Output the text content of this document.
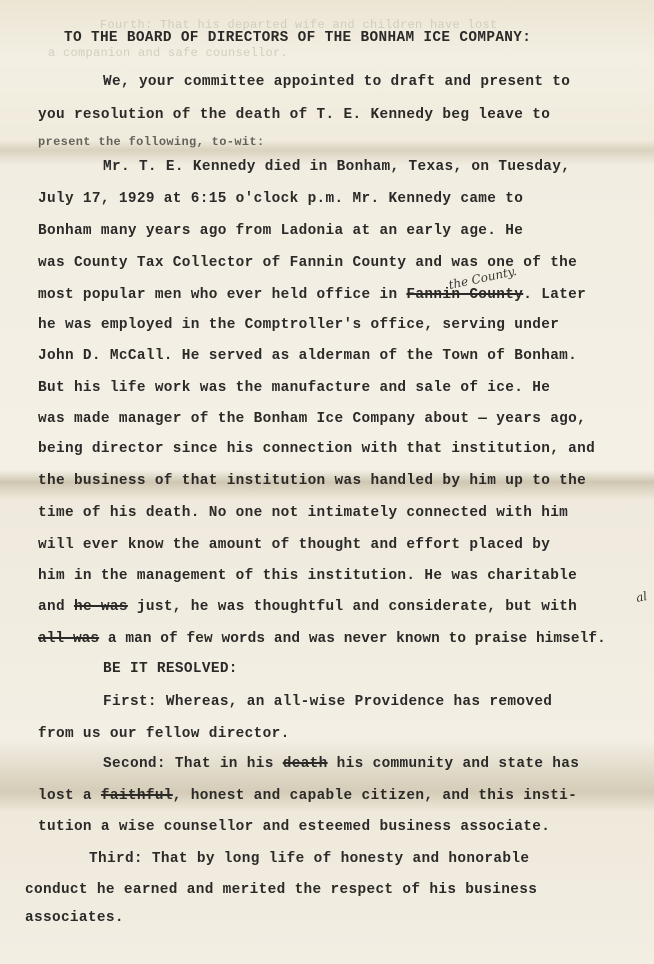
Fourth: That his departed wife and children have lost
a companion and safe counsellor.
TO THE BOARD OF DIRECTORS OF THE BONHAM ICE COMPANY:
We, your committee appointed to draft and present to
you resolution of the death of T. E. Kennedy beg leave to
present the following, to-wit:
Mr. T. E. Kennedy died in Bonham, Texas, on Tuesday,
July 17, 1929 at 6:15 o'clock p.m. Mr. Kennedy came to
Bonham many years ago from Ladonia at an early age. He
was County Tax Collector of Fannin County and was one of the
the County.
most popular men who ever held office in Fannin County. Later
he was employed in the Comptroller's office, serving under
John D. McCall. He served as alderman of the Town of Bonham.
But his life work was the manufacture and sale of ice. He
was made manager of the Bonham Ice Company about — years ago,
being director since his connection with that institution, and
the business of that institution was handled by him up to the
time of his death. No one not intimately connected with him
will ever know the amount of thought and effort placed by
him in the management of this institution. He was charitable
and he was just, he was thoughtful and considerate, but with
al
all was a man of few words and was never known to praise himself.
BE IT RESOLVED:
First: Whereas, an all-wise Providence has removed
from us our fellow director.
Second: That in his death his community and state has
lost a faithful, honest and capable citizen, and this insti-
tution a wise counsellor and esteemed business associate.
Third: That by long life of honesty and honorable
conduct he earned and merited the respect of his business
associates.
